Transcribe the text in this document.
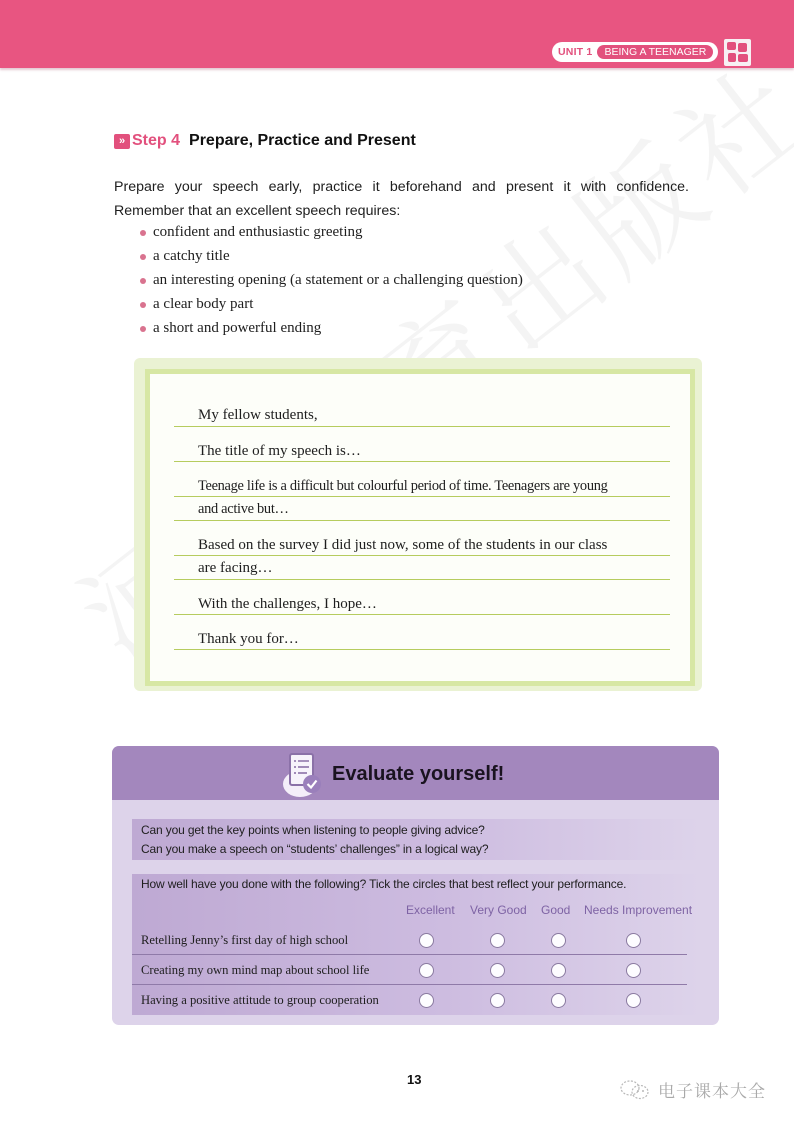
UNIT 1	BEING A TEENAGER
» Step 4 Prepare, Practice and Present

Prepare your speech early, practice it beforehand and present it with confidence.

Remember that an excellent speech requires:

confident and enthusiastic greeting
a catchy title
an interesting opening (a statement or a challenging question)
a clear body part
a short and powerful ending
My fellow students,
The title of my speech is…
Teenage life is a difficult but colourful period of time. Teenagers are young
and active but…
Based on the survey I did just now, some of the students in our class
are facing…
With the challenges, I hope…
Thank you for…
Evaluate yourself!
Can you get the key points when listening to people giving advice?
Can you make a speech on “students’ challenges” in a logical way?
How well have you done with the following? Tick the circles that best reflect your performance.
Excellent Very Good Good Needs Improvement
Retelling Jenny’s first day of high school
Creating my own mind map about school life
Having a positive attitude to group cooperation
13
电子课本大全
